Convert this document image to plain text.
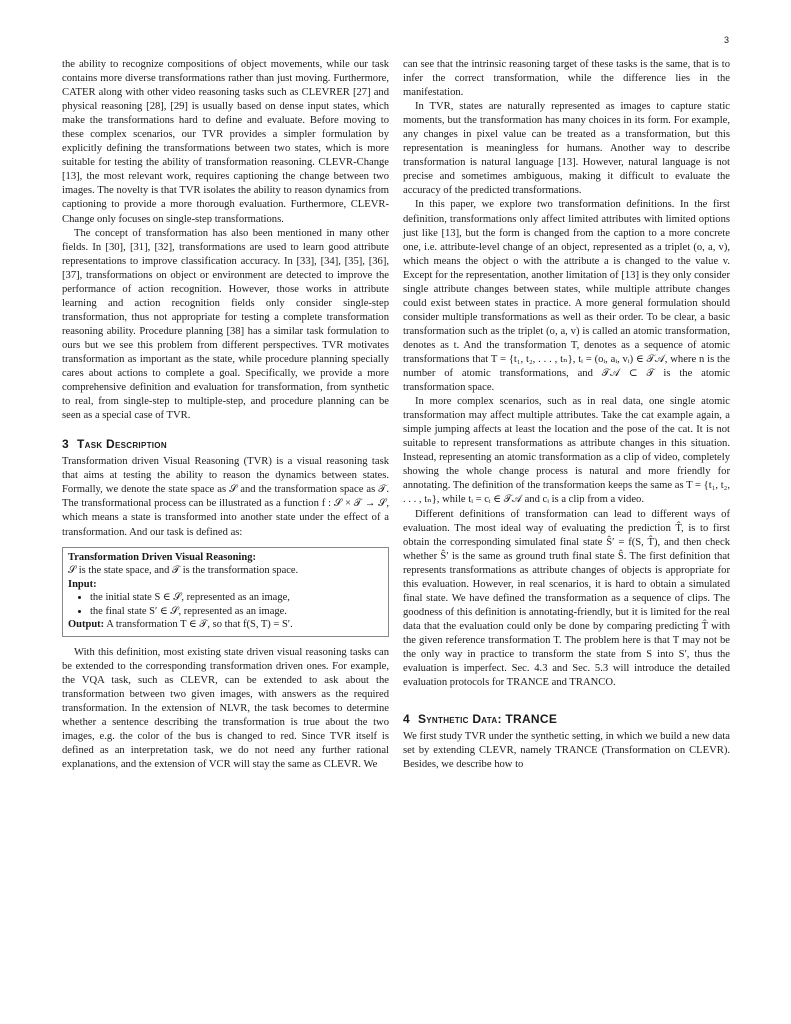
3

the ability to recognize compositions of object movements, while our task contains more diverse transformations rather than just moving. Furthermore, CATER along with other video reasoning tasks such as CLEVRER [27] and physical reasoning [28], [29] is usually based on dense input states, which make the transformations hard to define and evaluate. Before moving to these complex scenarios, our TVR provides a simpler formulation by explicitly defining the transformations between two states, which is more suitable for testing the ability of transformation reasoning. CLEVR-Change [13], the most relevant work, requires captioning the change between two images. The novelty is that TVR isolates the ability to reason dynamics from captioning to provide a more thorough evaluation. Furthermore, CLEVR-Change only focuses on single-step transformations.

The concept of transformation has also been mentioned in many other fields. In [30], [31], [32], transformations are used to learn good attribute representations to improve classification accuracy. In [33], [34], [35], [36], [37], transformations on object or environment are detected to improve the performance of action recognition. However, those works in attribute learning and action recognition fields only consider single-step transformation, thus not appropriate for testing a complete transformation reasoning ability. Procedure planning [38] has a similar task formulation to ours but we see this problem from different perspectives. TVR motivates transformation as important as the state, while procedure planning specially cares about actions to complete a goal. Specifically, we provide a more comprehensive definition and evaluation for transformation, from synthetic to real, from single-step to multiple-step, and procedure planning can be seen as a special case of TVR.

3 Task Description

Transformation driven Visual Reasoning (TVR) is a visual reasoning task that aims at testing the ability to reason the dynamics between states. Formally, we denote the state space as 𝒮 and the transformation space as 𝒯. The transformational process can be illustrated as a function f : 𝒮 × 𝒯 → 𝒮, which means a state is transformed into another state under the effect of a transformation. And our task is defined as:

Transformation Driven Visual Reasoning:
𝒮 is the state space, and 𝒯 is the transformation space.
Input:
• the initial state S ∈ 𝒮, represented as an image,
• the final state S′ ∈ 𝒮, represented as an image.
Output: A transformation T ∈ 𝒯, so that f(S, T) = S′.

With this definition, most existing state driven visual reasoning tasks can be extended to the corresponding transformation driven ones. For example, the VQA task, such as CLEVR, can be extended to ask about the transformation between two given images, with answers as the required transformation. In the extension of NLVR, the task becomes to determine whether a sentence describing the transformation is true about the two images, e.g. the color of the bus is changed to red. Since TVR itself is defined as an interpretation task, we do not need any further rational explanations, and the extension of VCR will stay the same as CLEVR. We

can see that the intrinsic reasoning target of these tasks is the same, that is to infer the correct transformation, while the difference lies in the manifestation.

In TVR, states are naturally represented as images to capture static moments, but the transformation has many choices in its form. For example, any changes in pixel value can be treated as a transformation, but this representation is meaningless for humans. Another way to describe transformation is natural language [13]. However, natural language is not precise and sometimes ambiguous, making it difficult to evaluate the accuracy of the predicted transformations.

In this paper, we explore two transformation definitions. In the first definition, transformations only affect limited attributes with limited options just like [13], but the form is changed from the caption to a more concrete one, i.e. attribute-level change of an object, represented as a triplet (o, a, v), which means the object o with the attribute a is changed to the value v. Except for the representation, another limitation of [13] is they only consider single attribute changes between states, while multiple attribute changes could exist between states in practice. A more general formulation should consider multiple transformations as well as their order. To be clear, a basic transformation such as the triplet (o, a, v) is called an atomic transformation, denotes as t. And the transformation T, denotes as a sequence of atomic transformations that T = {t₁, t₂, . . . , tₙ}, tᵢ = (oᵢ, aᵢ, vᵢ) ∈ 𝒯𝒜, where n is the number of atomic transformations, and 𝒯𝒜 ⊂ 𝒯 is the atomic transformation space.

In more complex scenarios, such as in real data, one single atomic transformation may affect multiple attributes. Take the cat example again, a simple jumping affects at least the location and the pose of the cat. It is not suitable to represent transformations as attribute changes in this situation. Instead, representing an atomic transformation as a clip of video, completely showing the whole change process is natural and more friendly for annotating. The definition of the transformation keeps the same as T = {t₁, t₂, . . . , tₙ}, while tᵢ = cᵢ ∈ 𝒯𝒜 and cᵢ is a clip from a video.

Different definitions of transformation can lead to different ways of evaluation. The most ideal way of evaluating the prediction T̂, is to first obtain the corresponding simulated final state Ŝ′ = f(S, T̂), and then check whether Ŝ′ is the same as ground truth final state Ŝ. The first definition that represents transformations as attribute changes of objects is appropriate for this evaluation. However, in real scenarios, it is hard to obtain a simulated final state. We have defined the transformation as a sequence of clips. The goodness of this definition is annotating-friendly, but it is limited for the real data that the evaluation could only be done by comparing predicting T̂ with the given reference transformation T. The problem here is that T may not be the only way in practice to transform the state from S into S′, thus the evaluation is imperfect. Sec. 4.3 and Sec. 5.3 will introduce the detailed evaluation protocols for TRANCE and TRANCO.

4 Synthetic Data: TRANCE

We first study TVR under the synthetic setting, in which we build a new data set by extending CLEVR, namely TRANCE (Transformation on CLEVR). Besides, we describe how to
